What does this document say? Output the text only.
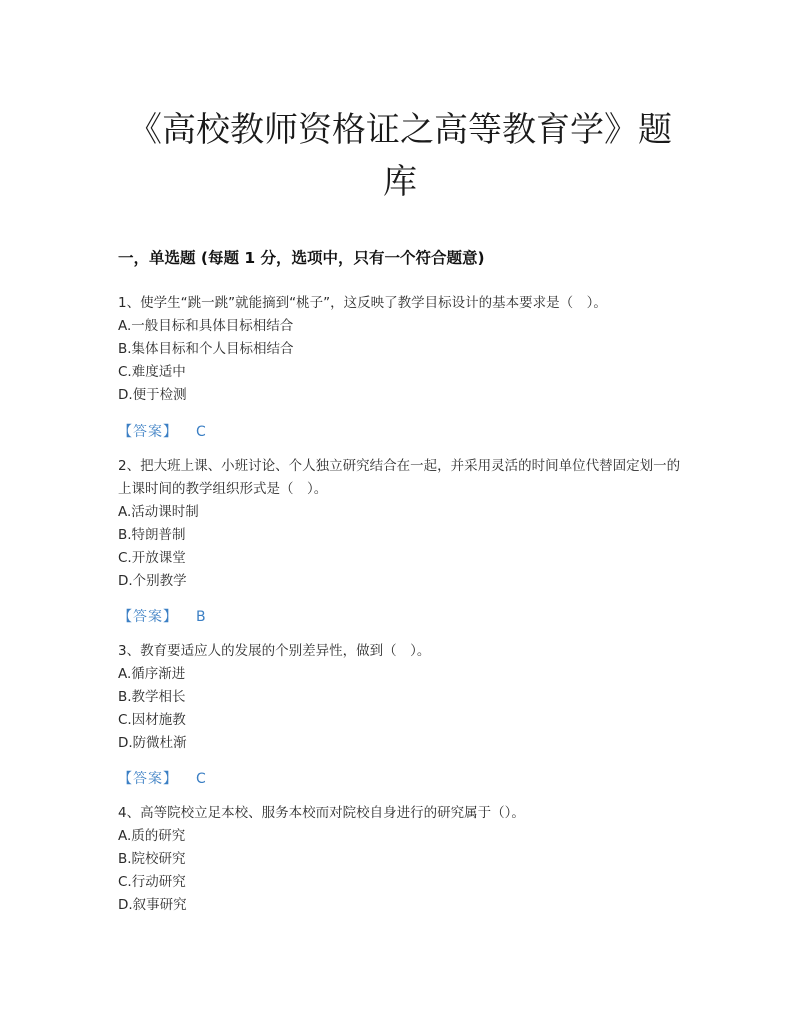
《高校教师资格证之高等教育学》题
库
一，单选题 (每题 1 分，选项中，只有一个符合题意)

1、使学生“跳一跳”就能摘到“桃子”，这反映了教学目标设计的基本要求是（　）。

A.一般目标和具体目标相结合

B.集体目标和个人目标相结合

C.难度适中

D.便于检测

【答案】 C

2、把大班上课、小班讨论、个人独立研究结合在一起，并采用灵活的时间单位代替固定划一的上课时间的教学组织形式是（　）。

A.活动课时制

B.特朗普制

C.开放课堂

D.个别教学

【答案】 B

3、教育要适应人的发展的个别差异性，做到（　）。

A.循序渐进

B.教学相长

C.因材施教

D.防微杜渐

【答案】 C

4、高等院校立足本校、服务本校而对院校自身进行的研究属于（）。

A.质的研究

B.院校研究

C.行动研究

D.叙事研究
